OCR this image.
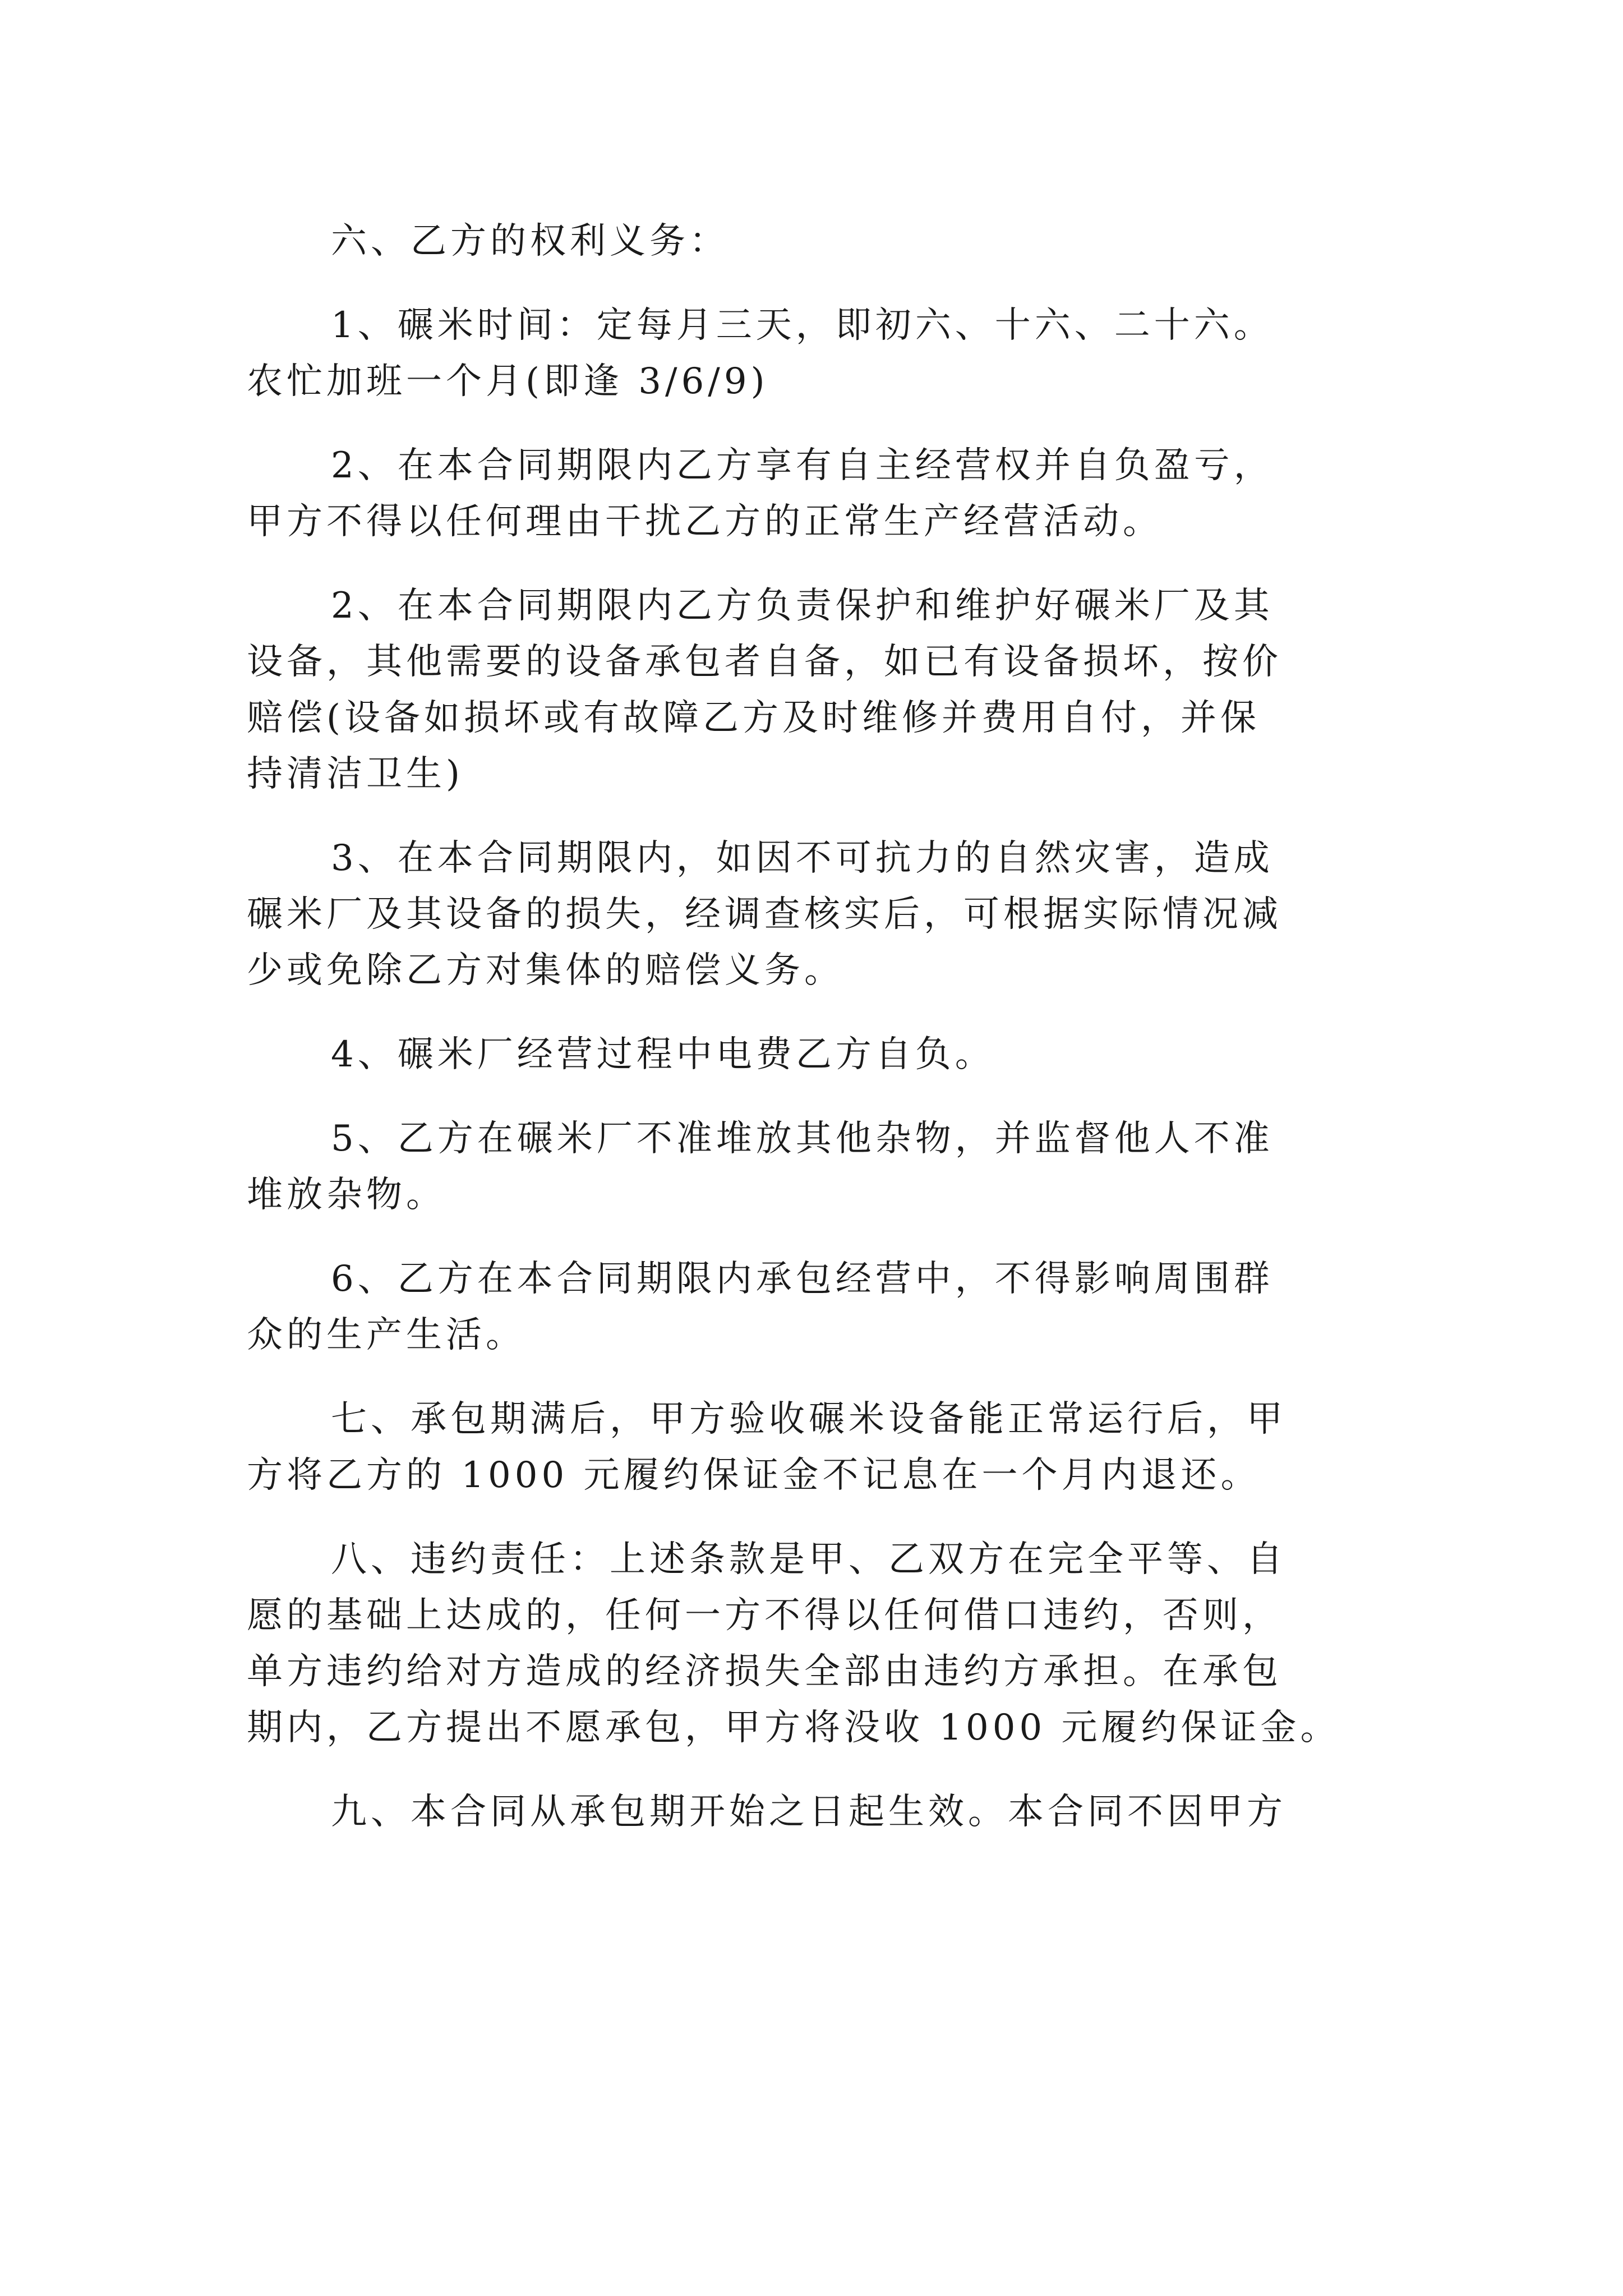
六、乙方的权利义务：
1、碾米时间：定每月三天，即初六、十六、二十六。
农忙加班一个月(即逢 3/6/9)
2、在本合同期限内乙方享有自主经营权并自负盈亏，
甲方不得以任何理由干扰乙方的正常生产经营活动。
2、在本合同期限内乙方负责保护和维护好碾米厂及其
设备，其他需要的设备承包者自备，如已有设备损坏，按价
赔偿(设备如损坏或有故障乙方及时维修并费用自付，并保
持清洁卫生)
3、在本合同期限内，如因不可抗力的自然灾害，造成
碾米厂及其设备的损失，经调查核实后，可根据实际情况减
少或免除乙方对集体的赔偿义务。
4、碾米厂经营过程中电费乙方自负。
5、乙方在碾米厂不准堆放其他杂物，并监督他人不准
堆放杂物。
6、乙方在本合同期限内承包经营中，不得影响周围群
众的生产生活。
七、承包期满后，甲方验收碾米设备能正常运行后，甲
方将乙方的 1000 元履约保证金不记息在一个月内退还。
八、违约责任：上述条款是甲、乙双方在完全平等、自
愿的基础上达成的，任何一方不得以任何借口违约，否则，
单方违约给对方造成的经济损失全部由违约方承担。在承包
期内，乙方提出不愿承包，甲方将没收 1000 元履约保证金。
九、本合同从承包期开始之日起生效。本合同不因甲方
